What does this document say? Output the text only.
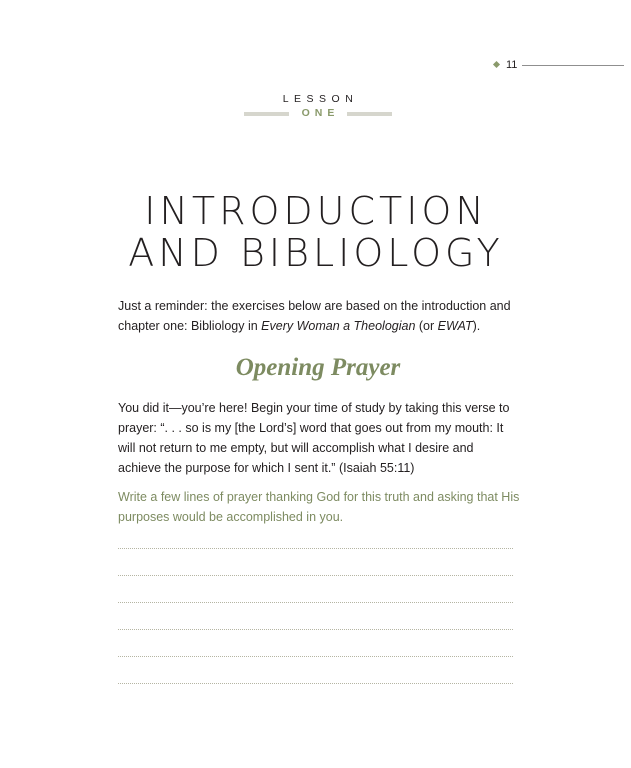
11
LESSON
ONE
INTRODUCTION
AND BIBLIOLOGY

Just a reminder: the exercises below are based on the introduction and chapter one: Bibliology in Every Woman a Theologian (or EWAT).

Opening Prayer

You did it—you’re here! Begin your time of study by taking this verse to prayer: “. . . so is my [the Lord’s] word that goes out from my mouth: It will not return to me empty, but will accomplish what I desire and achieve the purpose for which I sent it.” (Isaiah 55:11)

Write a few lines of prayer thanking God for this truth and asking that His purposes would be accomplished in you.
